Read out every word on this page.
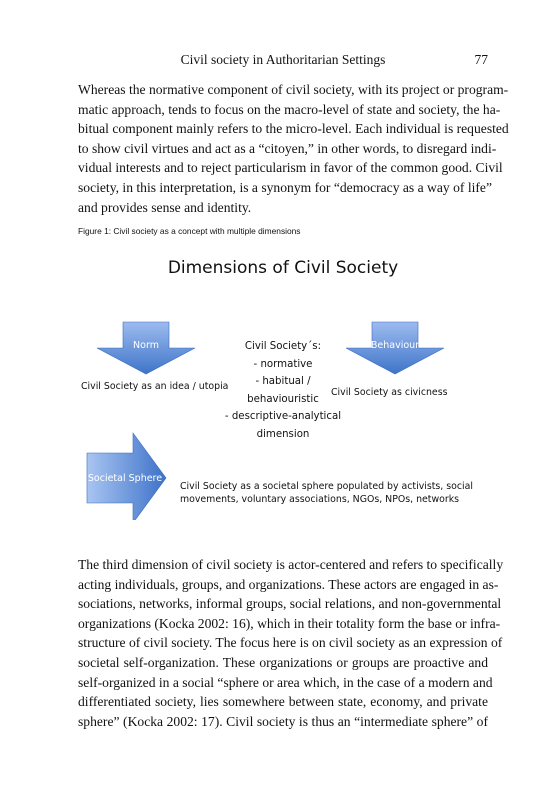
Civil society in Authoritarian Settings	77
Whereas the normative component of civil society, with its project or program-
matic approach, tends to focus on the macro-level of state and society, the ha-
bitual component mainly refers to the micro-level. Each individual is requested
to show civil virtues and act as a “citoyen,” in other words, to disregard indi-
vidual interests and to reject particularism in favor of the common good. Civil
society, in this interpretation, is a synonym for “democracy as a way of life”
and provides sense and identity.
Figure 1: Civil society as a concept with multiple dimensions
Dimensions of Civil Society
Norm	Behaviour
Societal Sphere
Civil Society as an idea / utopia
Civil Society as civicness
Civil Society´s:
- normative
- habitual /
behaviouristic
- descriptive-analytical
dimension
Civil Society as a societal sphere populated by activists, social
movements, voluntary associations, NGOs, NPOs, networks
The third dimension of civil society is actor-centered and refers to specifically
acting individuals, groups, and organizations. These actors are engaged in as-
sociations, networks, informal groups, social relations, and non-governmental
organizations (Kocka 2002: 16), which in their totality form the base or infra-
structure of civil society. The focus here is on civil society as an expression of
societal self-organization. These organizations or groups are proactive and
self-organized in a social “sphere or area which, in the case of a modern and
differentiated society, lies somewhere between state, economy, and private
sphere” (Kocka 2002: 17). Civil society is thus an “intermediate sphere” of
